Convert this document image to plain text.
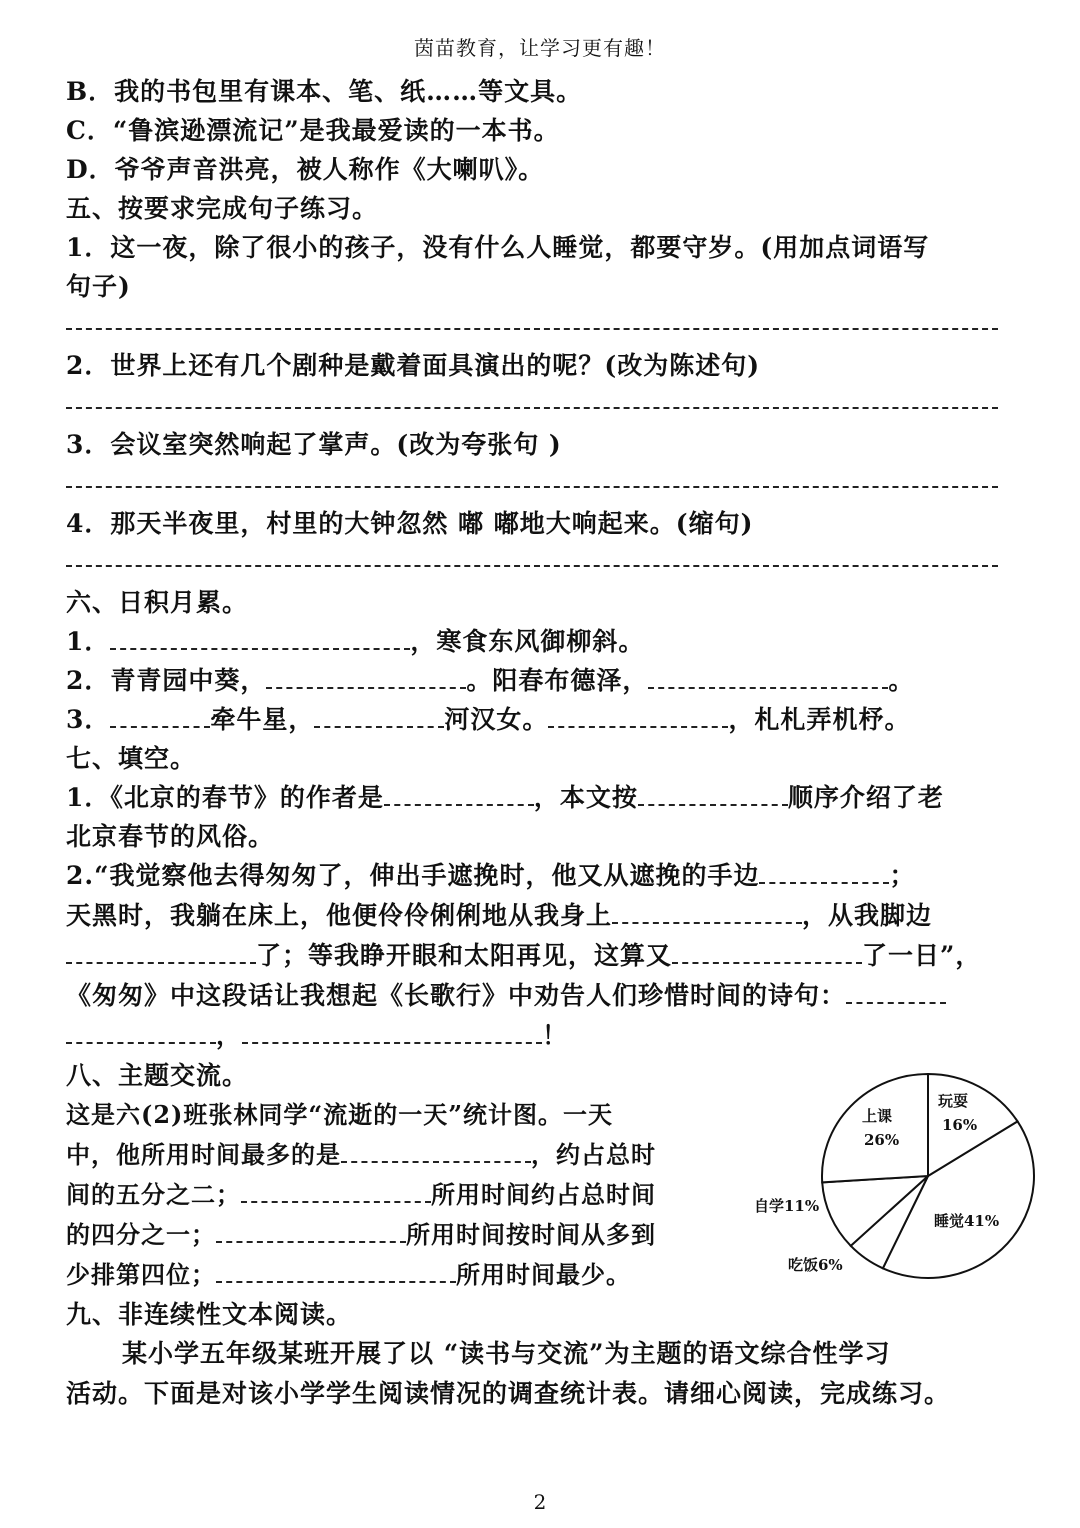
茵苗教育，让学习更有趣！
B．我的书包里有课本、笔、纸……等文具。
C．“鲁滨逊漂流记”是我最爱读的一本书。
D．爷爷声音洪亮，被人称作《大喇叭》。
五、按要求完成句子练习。
1．这一夜，除了很小的孩子，没有什么人睡觉，都要守岁。(用加点词语写
句子)
2．世界上还有几个剧种是戴着面具演出的呢？(改为陈述句)
3．会议室突然响起了掌声。(改为夸张句 )
4．那天半夜里，村里的大钟忽然 嘟 嘟地大响起来。(缩句)
六、日积月累。
1．	，寒食东风御柳斜。
2．青青园中葵，	。阳春布德泽，	。
3．	牵牛星，	河汉女。	，札札弄机杼。
七、填空。
1．《北京的春节》的作者是	，本文按	顺序介绍了老
北京春节的风俗。
2.“我觉察他去得匆匆了，伸出手遮挽时，他又从遮挽的手边	；
天黑时，我躺在床上，他便伶伶俐俐地从我身上	，从我脚边
了；等我睁开眼和太阳再见，这算又	了一日”，
《匆匆》中这段话让我想起《长歌行》中劝告人们珍惜时间的诗句：
，	！
八、主题交流。
这是六(2)班张林同学“流逝的一天”统计图。一天
中，他所用时间最多的是	，约占总时
间的五分之二；	所用时间约占总时间
的四分之一；	所用时间按时间从多到
少排第四位；	所用时间最少。
九、非连续性文本阅读。
某小学五年级某班开展了以 “读书与交流”为主题的语文综合性学习
活动。下面是对该小学学生阅读情况的调查统计表。请细心阅读，完成练习。
玩耍
16%
上课
26%
自学11%
睡觉41%
吃饭6%
2
